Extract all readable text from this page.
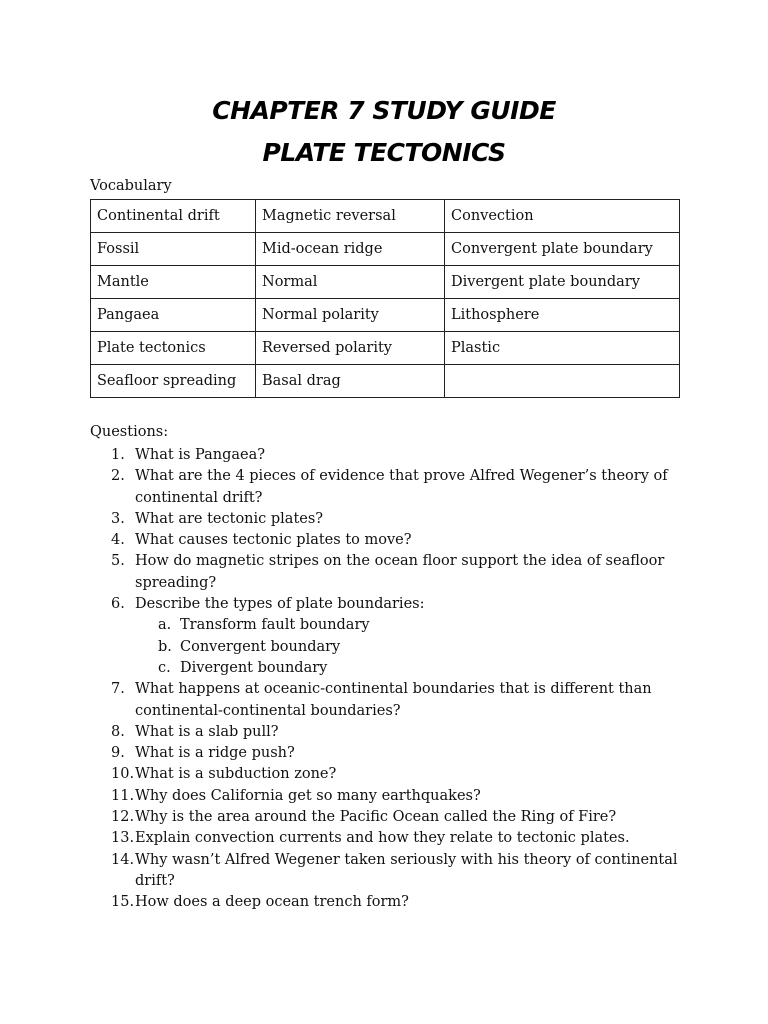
CHAPTER 7 STUDY GUIDE
PLATE TECTONICS
Vocabulary
Continental drift	Magnetic reversal	Convection
Fossil	Mid-ocean ridge	Convergent plate boundary
Mantle	Normal	Divergent plate boundary
Pangaea	Normal polarity	Lithosphere
Plate tectonics	Reversed polarity	Plastic
Seafloor spreading	Basal drag	
Questions:
1. What is Pangaea?
2. What are the 4 pieces of evidence that prove Alfred Wegener’s theory of continental drift?
3. What are tectonic plates?
4. What causes tectonic plates to move?
5. How do magnetic stripes on the ocean floor support the idea of seafloor spreading?
6. Describe the types of plate boundaries:
a. Transform fault boundary
b. Convergent boundary
c. Divergent boundary
7. What happens at oceanic-continental boundaries that is different than continental-continental boundaries?
8. What is a slab pull?
9. What is a ridge push?
10. What is a subduction zone?
11. Why does California get so many earthquakes?
12. Why is the area around the Pacific Ocean called the Ring of Fire?
13. Explain convection currents and how they relate to tectonic plates.
14. Why wasn’t Alfred Wegener taken seriously with his theory of continental drift?
15. How does a deep ocean trench form?
